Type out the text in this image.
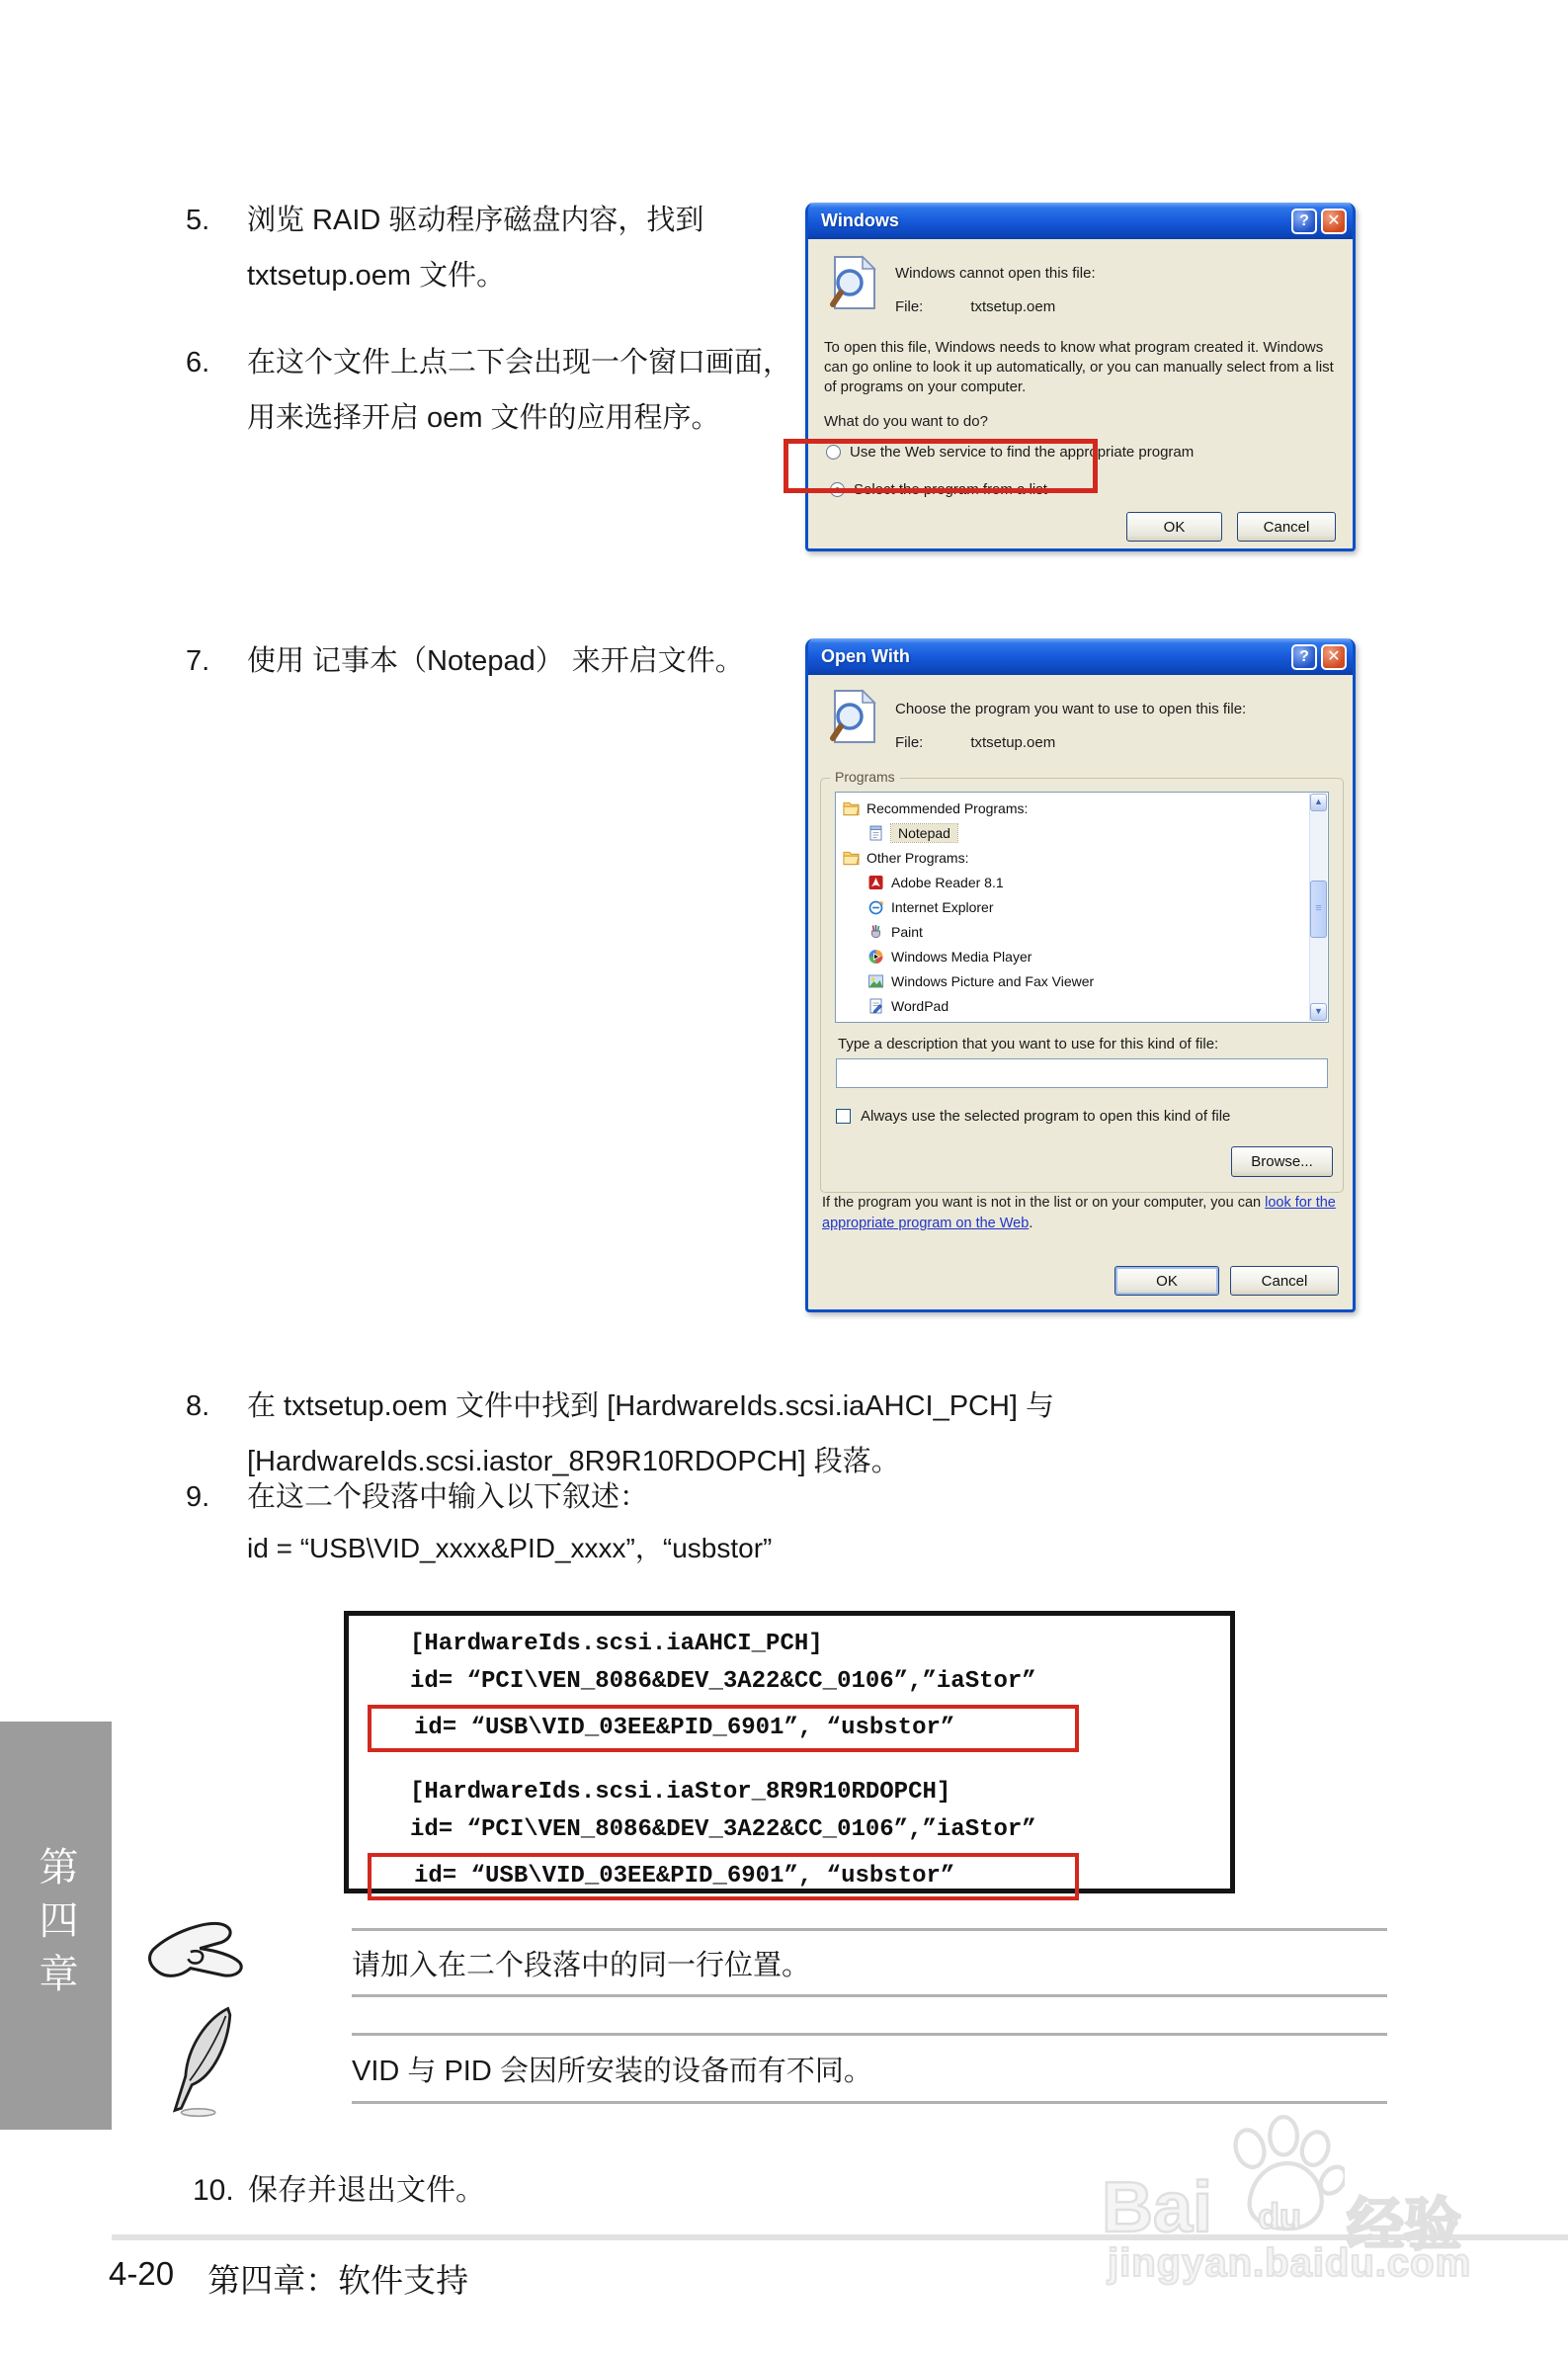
5.	浏览 RAID 驱动程序磁盘内容，找到 txtsetup.oem 文件。
6.	在这个文件上点二下会出现一个窗口画面，用来选择开启 oem 文件的应用程序。
Windows	?	✕
Windows cannot open this file:
File:	txtsetup.oem
To open this file, Windows needs to know what program created it. Windows can go online to look it up automatically, or you can manually select from a list of programs on your computer.
What do you want to do?
Use the Web service to find the appropriate program
Select the program from a list
OK	Cancel
7.	使用 记事本（Notepad） 来开启文件。	Open With	?	✕
Choose the program you want to use to open this file:
File:	txtsetup.oem
Programs
Recommended Programs:
Notepad
Other Programs:
Adobe Reader 8.1
Internet Explorer
Paint
Windows Media Player
Windows Picture and Fax Viewer
WordPad
▲
≡
▼
Type a description that you want to use for this kind of file:
Always use the selected program to open this kind of file
Browse...
If the program you want is not in the list or on your computer, you can look for the appropriate program on the Web.
OK	Cancel
8.	在 txtsetup.oem 文件中找到 [HardwareIds.scsi.iaAHCI_PCH] 与 [HardwareIds.scsi.iastor_8R9R10RDOPCH] 段落。
9.	在这二个段落中输入以下叙述：
id = “USB\VID_xxxx&PID_xxxx”，“usbstor”
[HardwareIds.scsi.iaAHCI_PCH]
id= “PCI\VEN_8086&DEV_3A22&CC_0106”,”iaStor”
id= “USB\VID_03EE&PID_6901”, “usbstor”
[HardwareIds.scsi.iaStor_8R9R10RDOPCH]
id= “PCI\VEN_8086&DEV_3A22&CC_0106”,”iaStor”
id= “USB\VID_03EE&PID_6901”, “usbstor”
请加入在二个段落中的同一行位置。
VID 与 PID 会因所安装的设备而有不同。
10. 保存并退出文件。
第四章
4-20 第四章：软件支持
Bai du 经验
jingyan.baidu.com
